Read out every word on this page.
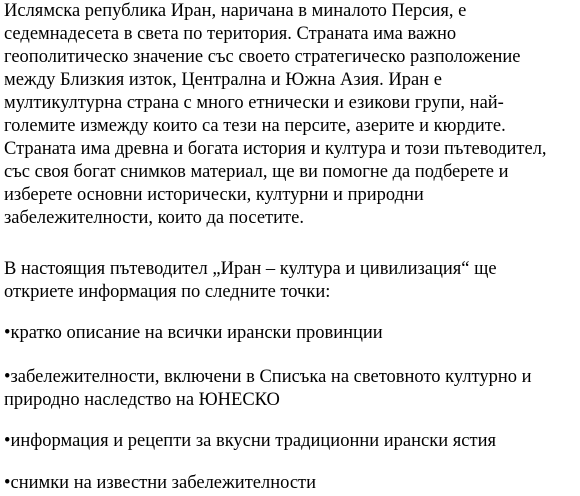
Ислямска република Иран, наричана в миналото Персия, е
седемнадесета в света по територия. Страната има важно
геополитическо значение със своето стратегическо разположение
между Близкия изток, Централна и Южна Азия. Иран е
мултикултурна страна с много етнически и езикови групи, най-
големите измежду които са тези на персите, азерите и кюрдите.
Страната има древна и богата история и култура и този пътеводител,
със своя богат снимков материал, ще ви помогне да подберете и
изберете основни исторически, културни и природни
забележителности, които да посетите.
В настоящия пътеводител „Иран – култура и цивилизация“ ще
откриете информация по следните точки:
•кратко описание на всички ирански провинции
•забележителности, включени в Списъка на световното културно и
природно наследство на ЮНЕСКО
•информация и рецепти за вкусни традиционни ирански ястия
•снимки на известни забележителности
